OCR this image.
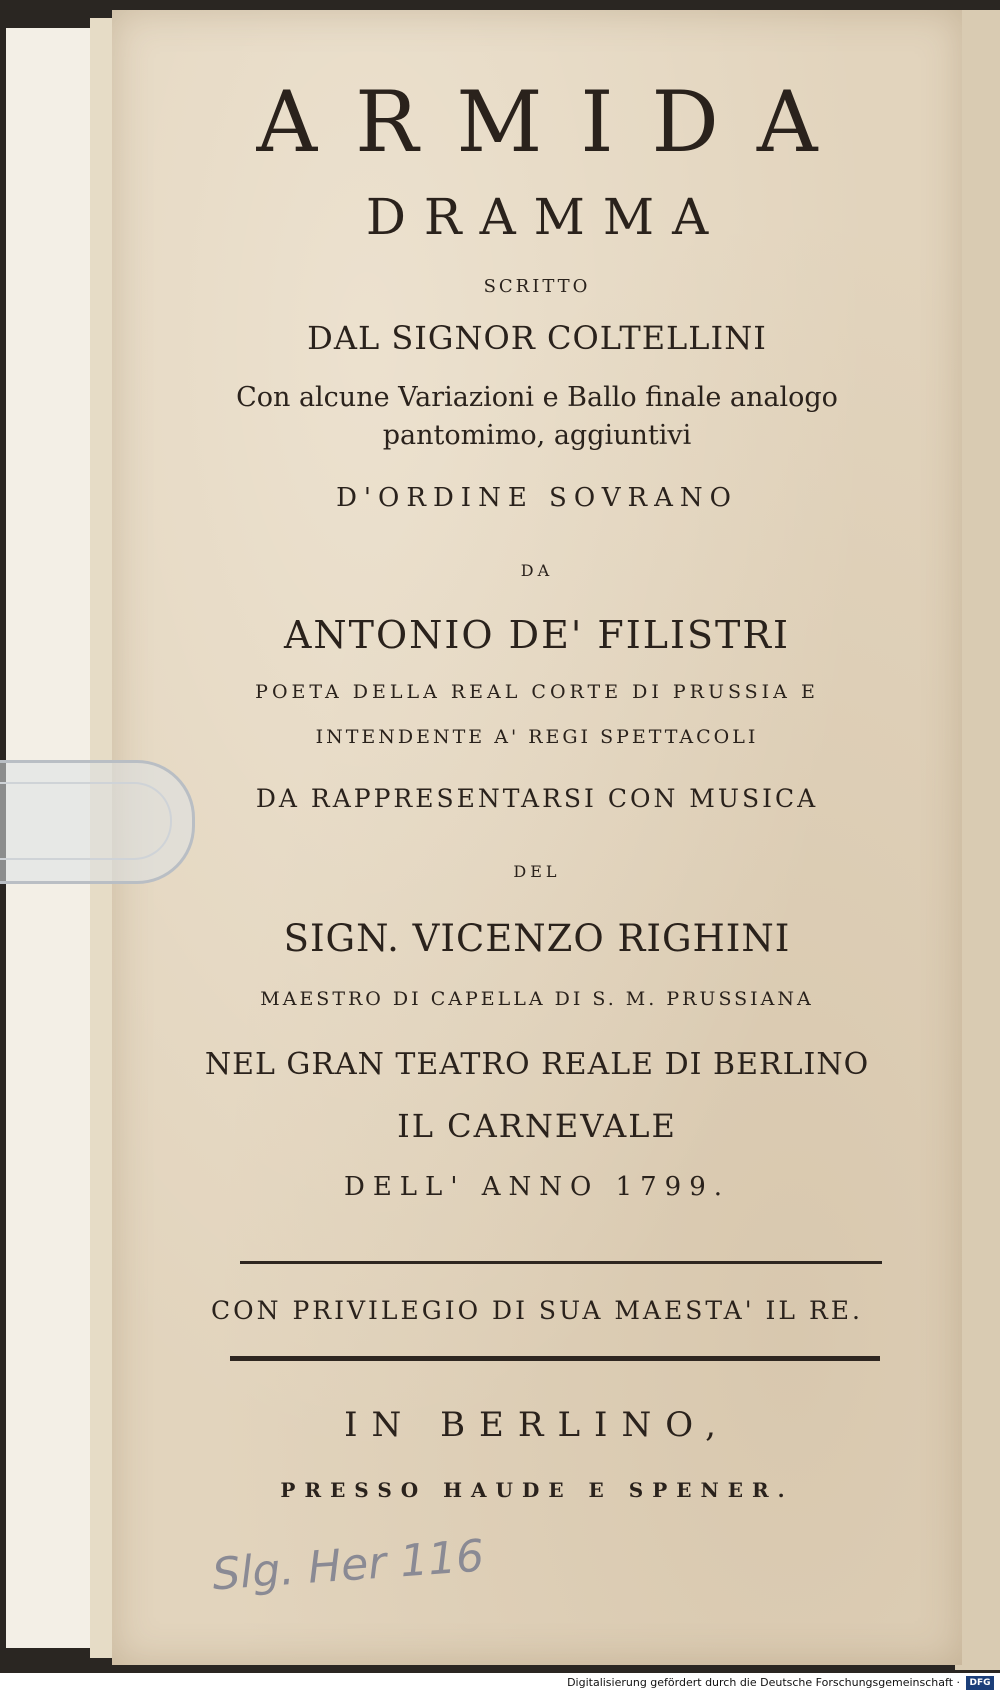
ARMIDA
DRAMMA
SCRITTO
DAL SIGNOR COLTELLINI
Con alcune Variazioni e Ballo finale analogo
pantomimo, aggiuntivi
D'ORDINE SOVRANO
DA
ANTONIO DE' FILISTRI
POETA DELLA REAL CORTE DI PRUSSIA E
INTENDENTE A' REGI SPETTACOLI
DA RAPPRESENTARSI CON MUSICA
DEL
SIGN. VICENZO RIGHINI
MAESTRO DI CAPELLA DI S. M. PRUSSIANA
NEL GRAN TEATRO REALE DI BERLINO
IL CARNEVALE
DELL' ANNO 1799.
CON PRIVILEGIO DI SUA MAESTA' IL RE.
IN BERLINO,
PRESSO HAUDE E SPENER.
Slg. Her 116
Digitalisierung gefördert durch die Deutsche Forschungsgemeinschaft ·	DFG
